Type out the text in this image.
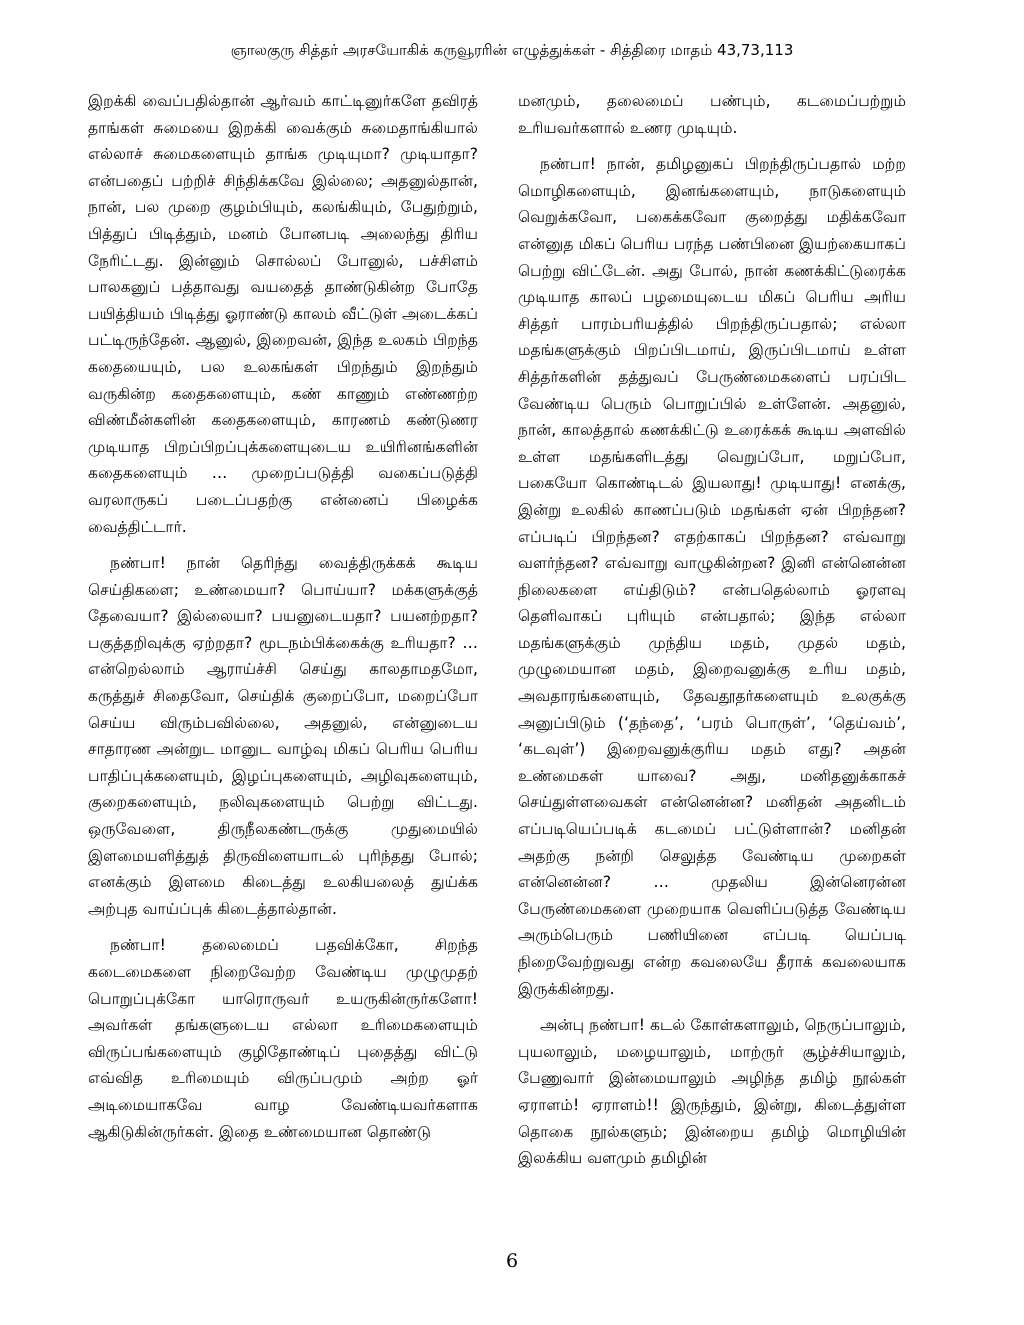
ஞாலகுரு சித்தர் அரசயோகிக் கருவூரரின் எழுத்துக்கள் - சித்திரை மாதம் 43,73,113

இறக்கி வைப்பதில்தான் ஆர்வம் காட்டினுர்களே தவிரத் தாங்கள் சுமையை இறக்கி வைக்கும் சுமைதாங்கியால் எல்லாச் சுமைகளையும் தாங்க முடியுமா? முடியாதா? என்பதைப் பற்றிச் சிந்திக்கவே இல்லை; அதனுல்தான், நான், பல முறை குழம்பியும், கலங்கியும், பேதுற்றும், பித்துப் பிடித்தும், மனம் போனபடி அலைந்து திரிய நேரிட்டது. இன்னும் சொல்லப் போனுல், பச்சிளம் பாலகனுப் பத்தாவது வயதைத் தாண்டுகின்ற போதே பயித்தியம் பிடித்து ஓராண்டு காலம் வீட்டுள் அடைக்கப் பட்டிருந்தேன். ஆனுல், இறைவன், இந்த உலகம் பிறந்த கதையையும், பல உலகங்கள் பிறந்தும் இறந்தும் வருகின்ற கதைகளையும், கண் காணும் எண்ணற்ற விண்மீன்களின் கதைகளையும், காரணம் கண்டுணர முடியாத பிறப்பிறப்புக்களையுடைய உயிரினங்களின் கதைகளையும் … முறைப்படுத்தி வகைப்படுத்தி வரலாருகப் படைப்பதற்கு என்னைப் பிழைக்க வைத்திட்டார்.

நண்பா! நான் தெரிந்து வைத்திருக்கக் கூடிய செய்திகளை; உண்மையா? பொய்யா? மக்களுக்குத் தேவையா? இல்லையா? பயனுடையதா? பயனற்றதா? பகுத்தறிவுக்கு ஏற்றதா? மூடநம்பிக்கைக்கு உரியதா? … என்றெல்லாம் ஆராய்ச்சி செய்து காலதாமதமோ, கருத்துச் சிதைவோ, செய்திக் குறைப்போ, மறைப்போ செய்ய விரும்பவில்லை, அதனுல், என்னுடைய சாதாரண அன்றுட மானுட வாழ்வு மிகப் பெரிய பெரிய பாதிப்புக்களையும், இழப்புகளையும், அழிவுகளையும், குறைகளையும், நலிவுகளையும் பெற்று விட்டது. ஒருவேளை, திருநீலகண்டருக்கு முதுமையில் இளமையளித்துத் திருவிளையாடல் புரிந்தது போல்; எனக்கும் இளமை கிடைத்து உலகியலைத் துய்க்க அற்புத வாய்ப்புக் கிடைத்தால்தான்.

நண்பா! தலைமைப் பதவிக்கோ, சிறந்த கடைமைகளை நிறைவேற்ற வேண்டிய முழுமுதற் பொறுப்புக்கோ யாரொருவர் உயருகின்ருர்களோ! அவர்கள் தங்களுடைய எல்லா உரிமைகளையும் விருப்பங்களையும் குழிதோண்டிப் புதைத்து விட்டு எவ்வித உரிமையும் விருப்பமும் அற்ற ஓர் அடிமையாகவே வாழ வேண்டியவர்களாக ஆகிடுகின்ருர்கள். இதை உண்மையான தொண்டு

மனமும், தலைமைப் பண்பும், கடமைப்பற்றும் உரியவர்களால் உணர முடியும்.

நண்பா! நான், தமிழனுகப் பிறந்திருப்பதால் மற்ற மொழிகளையும், இனங்களையும், நாடுகளையும் வெறுக்கவோ, பகைக்கவோ குறைத்து மதிக்கவோ என்னுத மிகப் பெரிய பரந்த பண்பினை இயற்கையாகப் பெற்று விட்டேன். அது போல், நான் கணக்கிட்டுரைக்க முடியாத காலப் பழமையுடைய மிகப் பெரிய அரிய சித்தர் பாரம்பரியத்தில் பிறந்திருப்பதால்; எல்லா மதங்களுக்கும் பிறப்பிடமாய், இருப்பிடமாய் உள்ள சித்தர்களின் தத்துவப் பேருண்மைகளைப் பரப்பிட வேண்டிய பெரும் பொறுப்பில் உள்ளேன். அதனுல், நான், காலத்தால் கணக்கிட்டு உரைக்கக் கூடிய அளவில் உள்ள மதங்களிடத்து வெறுப்போ, மறுப்போ, பகையோ கொண்டிடல் இயலாது! முடியாது! எனக்கு, இன்று உலகில் காணப்படும் மதங்கள் ஏன் பிறந்தன? எப்படிப் பிறந்தன? எதற்காகப் பிறந்தன? எவ்வாறு வளர்ந்தன? எவ்வாறு வாழுகின்றன? இனி என்னென்ன நிலைகளை எய்திடும்? என்பதெல்லாம் ஓரளவு தெளிவாகப் புரியும் என்பதால்; இந்த எல்லா மதங்களுக்கும் முந்திய மதம், முதல் மதம், முழுமையான மதம், இறைவனுக்கு உரிய மதம், அவதாரங்களையும், தேவதூதர்களையும் உலகுக்கு அனுப்பிடும் (‘தந்தை’, ‘பரம் பொருள்’, ‘தெய்வம்’, ‘கடவுள்’) இறைவனுக்குரிய மதம் எது? அதன் உண்மைகள் யாவை? அது, மனிதனுக்காகச் செய்துள்ளவைகள் என்னென்ன? மனிதன் அதனிடம் எப்படியெப்படிக் கடமைப் பட்டுள்ளான்? மனிதன் அதற்கு நன்றி செலுத்த வேண்டிய முறைகள் என்னென்ன? … முதலிய இன்னெரன்ன பேருண்மைகளை முறையாக வெளிப்படுத்த வேண்டிய அரும்பெரும் பணியினை எப்படி யெப்படி நிறைவேற்றுவது என்ற கவலையே தீராக் கவலையாக இருக்கின்றது.

அன்பு நண்பா! கடல் கோள்களாலும், நெருப்பாலும், புயலாலும், மழையாலும், மாற்ருர் சூழ்ச்சியாலும், பேணுவார் இன்மையாலும் அழிந்த தமிழ் நூல்கள் ஏராளம்! ஏராளம்!! இருந்தும், இன்று, கிடைத்துள்ள தொகை நூல்களும்; இன்றைய தமிழ் மொழியின் இலக்கிய வளமும் தமிழின்

6
